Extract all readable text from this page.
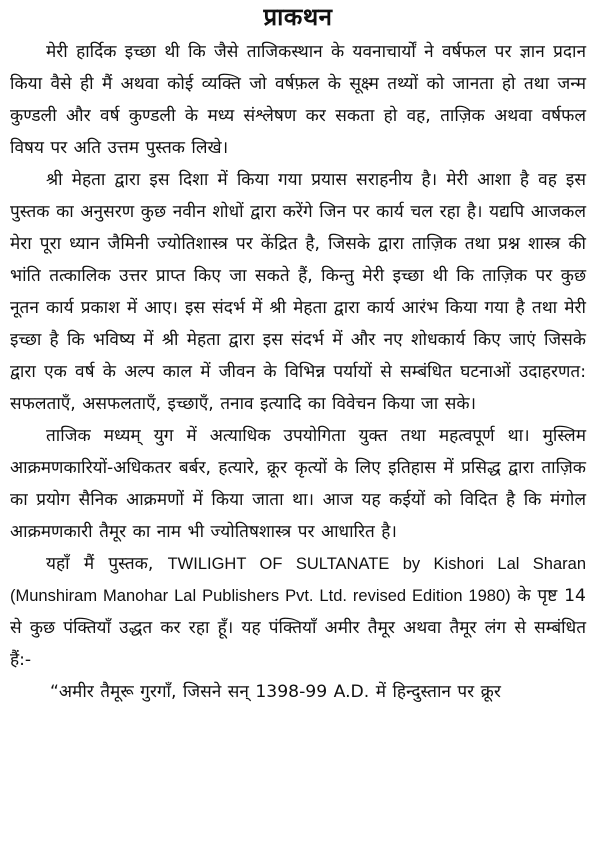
प्राकथन

मेरी हार्दिक इच्छा थी कि जैसे ताजिकस्थान के यवनाचार्यों ने वर्षफल पर ज्ञान प्रदान किया वैसे ही मैं अथवा कोई व्यक्ति जो वर्षफ़ल के सूक्ष्म तथ्यों को जानता हो तथा जन्म कुण्डली और वर्ष कुण्डली के मध्य संश्लेषण कर सकता हो वह, ताज़िक अथवा वर्षफल विषय पर अति उत्तम पुस्तक लिखे।

श्री मेहता द्वारा इस दिशा में किया गया प्रयास सराहनीय है। मेरी आशा है वह इस पुस्तक का अनुसरण कुछ नवीन शोधों द्वारा करेंगे जिन पर कार्य चल रहा है। यद्यपि आजकल मेरा पूरा ध्यान जैमिनी ज्योतिशास्त्र पर केंद्रित है, जिसके द्वारा ताज़िक तथा प्रश्न शास्त्र की भांति तत्कालिक उत्तर प्राप्त किए जा सकते हैं, किन्तु मेरी इच्छा थी कि ताज़िक पर कुछ नूतन कार्य प्रकाश में आए। इस संदर्भ में श्री मेहता द्वारा कार्य आरंभ किया गया है तथा मेरी इच्छा है कि भविष्य में श्री मेहता द्वारा इस संदर्भ में और नए शोधकार्य किए जाएं जिसके द्वारा एक वर्ष के अल्प काल में जीवन के विभिन्न पर्यायों से सम्बंधित घटनाओं उदाहरणत: सफलताएँ, असफलताएँ, इच्छाएँ, तनाव इत्यादि का विवेचन किया जा सके।

ताजिक मध्यम् युग में अत्याधिक उपयोगिता युक्त तथा महत्वपूर्ण था। मुस्लिम आक्रमणकारियों-अधिकतर बर्बर, हत्यारे, क्रूर कृत्यों के लिए इतिहास में प्रसिद्ध द्वारा ताज़िक का प्रयोग सैनिक आक्रमणों में किया जाता था। आज यह कईयों को विदित है कि मंगोल आक्रमणकारी तैमूर का नाम भी ज्योतिषशास्त्र पर आधारित है।

यहाँ मैं पुस्तक, TWILIGHT OF SULTANATE by Kishori Lal Sharan (Munshiram Manohar Lal Publishers Pvt. Ltd. revised Edition 1980) के पृष्ट 14 से कुछ पंक्तियाँ उद्धत कर रहा हूँ। यह पंक्तियाँ अमीर तैमूर अथवा तैमूर लंग से सम्बंधित हैं:-

“अमीर तैमूरू गुरगाँ, जिसने सन् 1398-99 A.D. में हिन्दुस्तान पर क्रूर
